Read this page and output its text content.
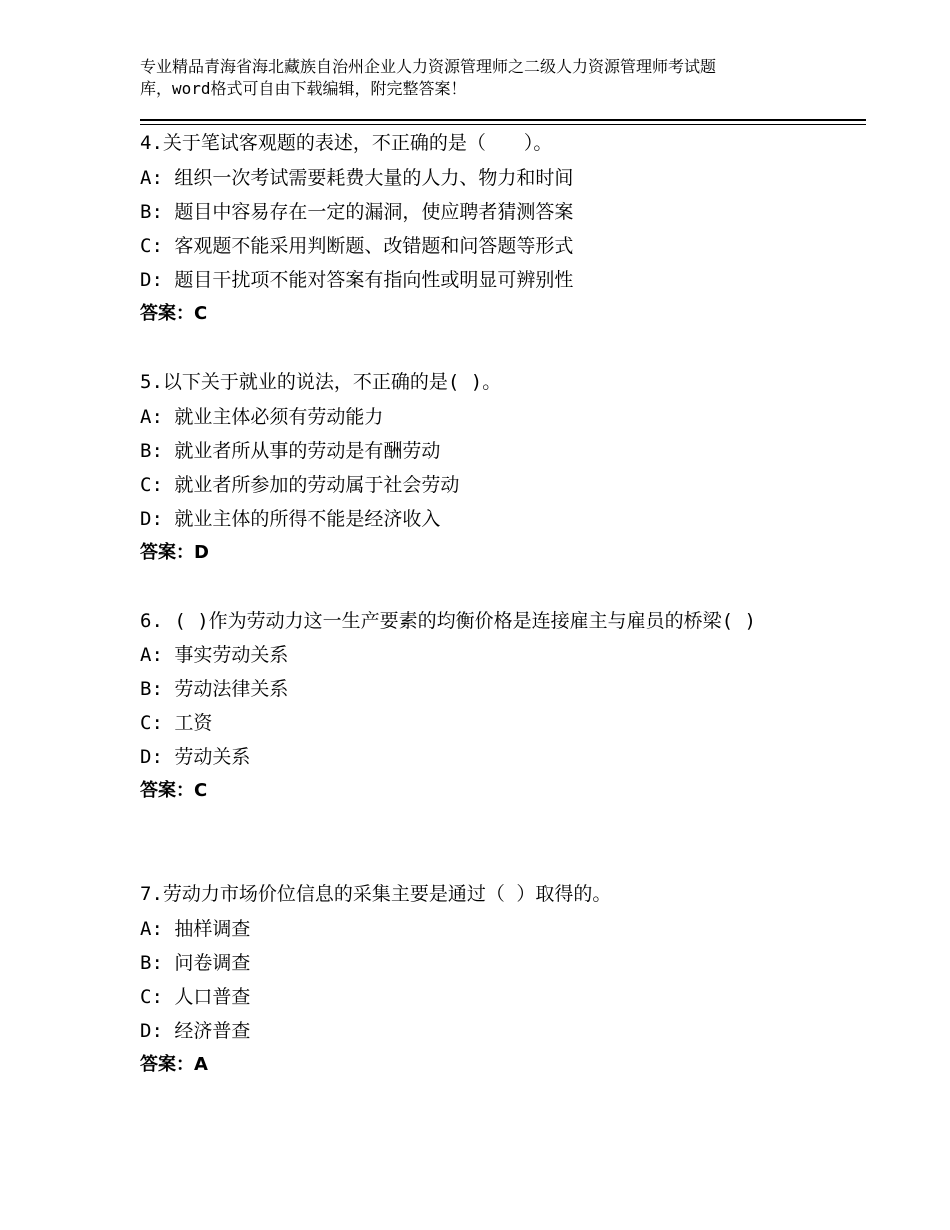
专业精品青海省海北藏族自治州企业人力资源管理师之二级人力资源管理师考试题
库，word格式可自由下载编辑，附完整答案！
4.关于笔试客观题的表述，不正确的是（　　）。
A: 组织一次考试需要耗费大量的人力、物力和时间
B: 题目中容易存在一定的漏洞，使应聘者猜测答案
C: 客观题不能采用判断题、改错题和问答题等形式
D: 题目干扰项不能对答案有指向性或明显可辨别性
答案：C
5.以下关于就业的说法，不正确的是( )。
A: 就业主体必须有劳动能力
B: 就业者所从事的劳动是有酬劳动
C: 就业者所参加的劳动属于社会劳动
D: 就业主体的所得不能是经济收入
答案：D
6. ( )作为劳动力这一生产要素的均衡价格是连接雇主与雇员的桥梁( )
A: 事实劳动关系
B: 劳动法律关系
C: 工资
D: 劳动关系
答案：C
7.劳动力市场价位信息的采集主要是通过（ ）取得的。
A: 抽样调查
B: 问卷调查
C: 人口普查
D: 经济普查
答案：A
